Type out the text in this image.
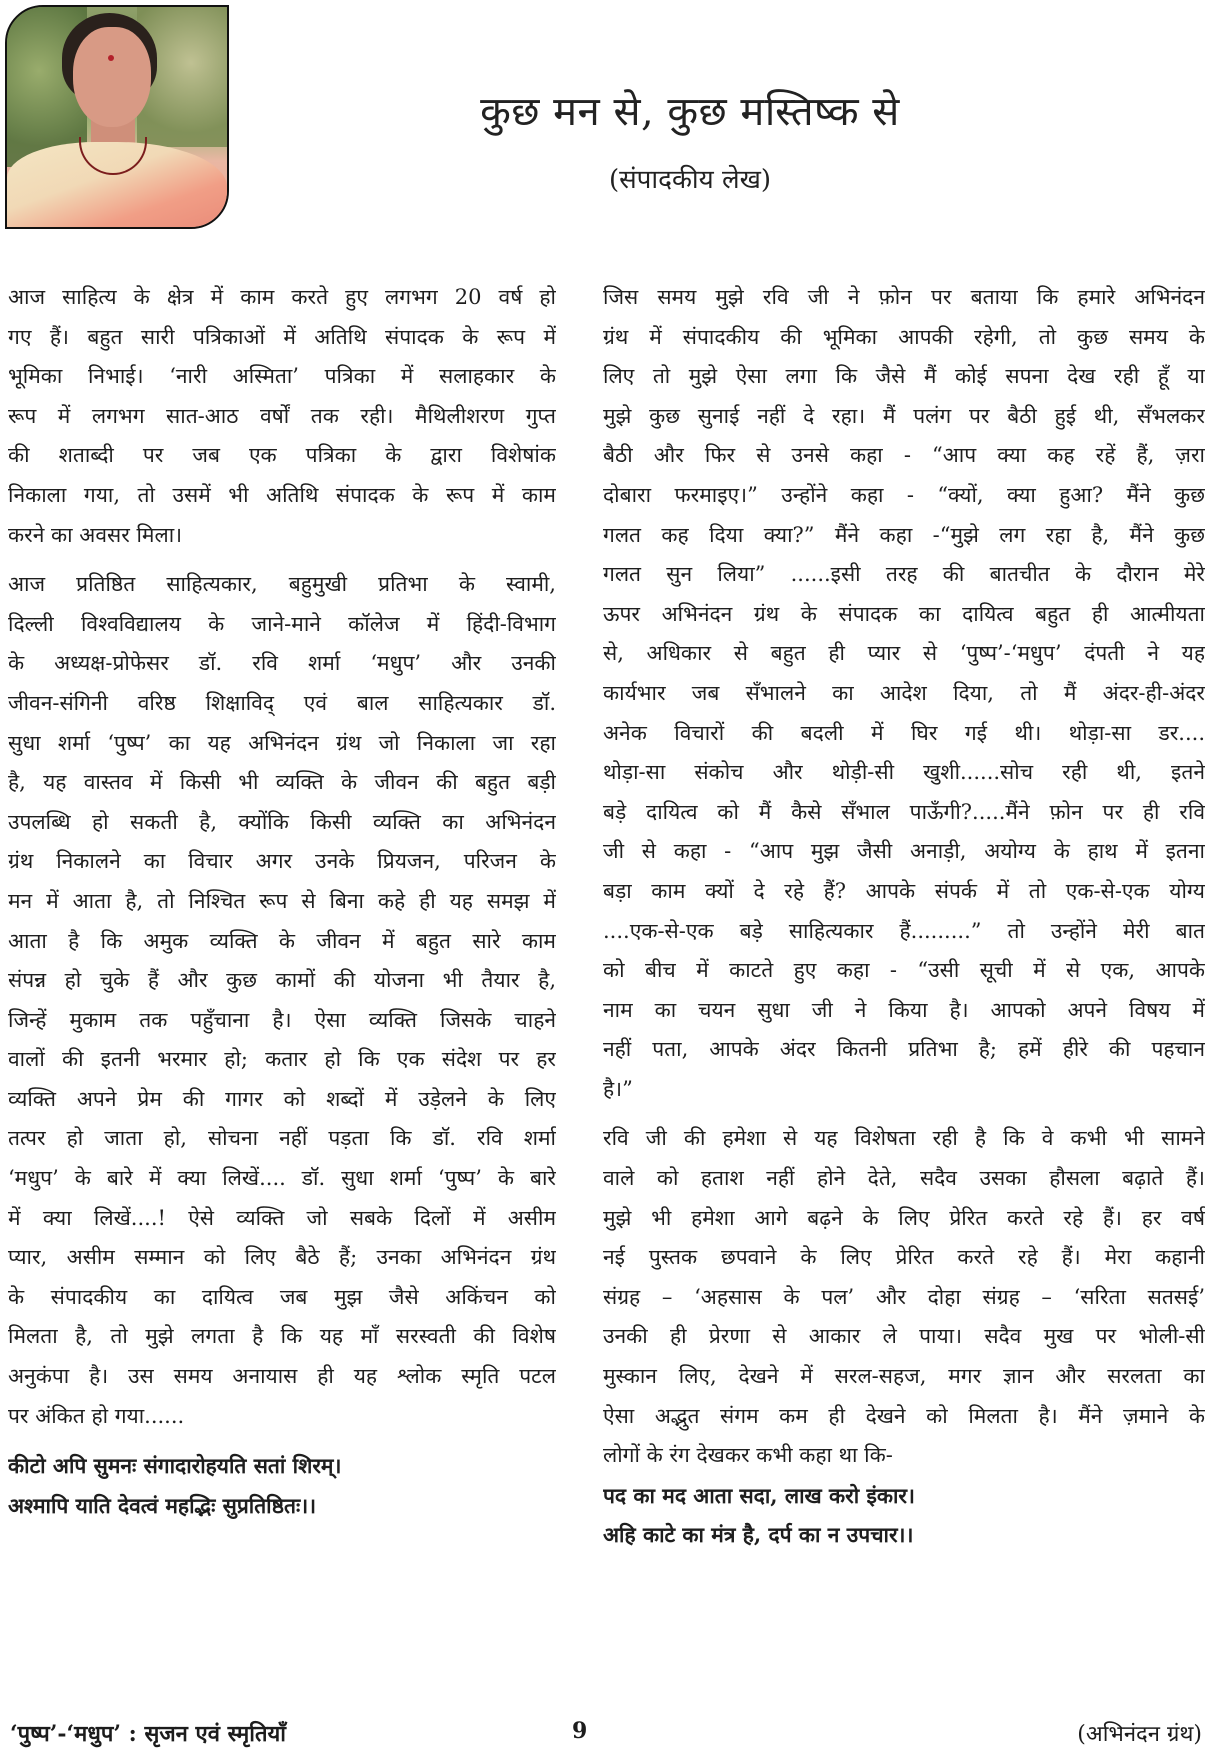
कुछ मन से, कुछ मस्तिष्क से
(संपादकीय लेख)
आज साहित्य के क्षेत्र में काम करते हुए लगभग 20 वर्ष हो
गए हैं। बहुत सारी पत्रिकाओं में अतिथि संपादक के रूप में
भूमिका निभाई। ‘नारी अस्मिता’ पत्रिका में सलाहकार के
रूप में लगभग सात-आठ वर्षों तक रही। मैथिलीशरण गुप्त
की शताब्दी पर जब एक पत्रिका के द्वारा विशेषांक
निकाला गया, तो उसमें भी अतिथि संपादक के रूप में काम
करने का अवसर मिला।
आज प्रतिष्ठित साहित्यकार, बहुमुखी प्रतिभा के स्वामी,
दिल्ली विश्वविद्यालय के जाने-माने कॉलेज में हिंदी-विभाग
के अध्यक्ष-प्रोफेसर डॉ. रवि शर्मा ‘मधुप’ और उनकी
जीवन-संगिनी वरिष्ठ शिक्षाविद् एवं बाल साहित्यकार डॉ.
सुधा शर्मा ‘पुष्प’ का यह अभिनंदन ग्रंथ जो निकाला जा रहा
है, यह वास्तव में किसी भी व्यक्ति के जीवन की बहुत बड़ी
उपलब्धि हो सकती है, क्योंकि किसी व्यक्ति का अभिनंदन
ग्रंथ निकालने का विचार अगर उनके प्रियजन, परिजन के
मन में आता है, तो निश्चित रूप से बिना कहे ही यह समझ में
आता है कि अमुक व्यक्ति के जीवन में बहुत सारे काम
संपन्न हो चुके हैं और कुछ कामों की योजना भी तैयार है,
जिन्हें मुकाम तक पहुँचाना है। ऐसा व्यक्ति जिसके चाहने
वालों की इतनी भरमार हो; कतार हो कि एक संदेश पर हर
व्यक्ति अपने प्रेम की गागर को शब्दों में उड़ेलने के लिए
तत्पर हो जाता हो, सोचना नहीं पड़ता कि डॉ. रवि शर्मा
‘मधुप’ के बारे में क्या लिखें.... डॉ. सुधा शर्मा ‘पुष्प’ के बारे
में क्या लिखें....! ऐसे व्यक्ति जो सबके दिलों में असीम
प्यार, असीम सम्मान को लिए बैठे हैं; उनका अभिनंदन ग्रंथ
के संपादकीय का दायित्व जब मुझ जैसे अकिंचन को
मिलता है, तो मुझे लगता है कि यह माँ सरस्वती की विशेष
अनुकंपा है। उस समय अनायास ही यह श्लोक स्मृति पटल
पर अंकित हो गया......
कीटो अपि सुमनः संगादारोहयति सतां शिरम्।
अश्मापि याति देवत्वं महद्भिः सुप्रतिष्ठितः।।
जिस समय मुझे रवि जी ने फ़ोन पर बताया कि हमारे अभिनंदन
ग्रंथ में संपादकीय की भूमिका आपकी रहेगी, तो कुछ समय के
लिए तो मुझे ऐसा लगा कि जैसे मैं कोई सपना देख रही हूँ या
मुझे कुछ सुनाई नहीं दे रहा। मैं पलंग पर बैठी हुई थी, सँभलकर
बैठी और फिर से उनसे कहा - “आप क्या कह रहें हैं, ज़रा
दोबारा फरमाइए।” उन्होंने कहा - “क्यों, क्या हुआ? मैंने कुछ
गलत कह दिया क्या?” मैंने कहा -“मुझे लग रहा है, मैंने कुछ
गलत सुन लिया” ......इसी तरह की बातचीत के दौरान मेरे
ऊपर अभिनंदन ग्रंथ के संपादक का दायित्व बहुत ही आत्मीयता
से, अधिकार से बहुत ही प्यार से ‘पुष्प’-‘मधुप’ दंपती ने यह
कार्यभार जब सँभालने का आदेश दिया, तो मैं अंदर-ही-अंदर
अनेक विचारों की बदली में घिर गई थी। थोड़ा-सा डर....
थोड़ा-सा संकोच और थोड़ी-सी खुशी......सोच रही थी, इतने
बड़े दायित्व को मैं कैसे सँभाल पाऊँगी?.....मैंने फ़ोन पर ही रवि
जी से कहा - “आप मुझ जैसी अनाड़ी, अयोग्य के हाथ में इतना
बड़ा काम क्यों दे रहे हैं? आपके संपर्क में तो एक-से-एक योग्य
....एक-से-एक बड़े साहित्यकार हैं.........” तो उन्होंने मेरी बात
को बीच में काटते हुए कहा - “उसी सूची में से एक, आपके
नाम का चयन सुधा जी ने किया है। आपको अपने विषय में
नहीं पता, आपके अंदर कितनी प्रतिभा है; हमें हीरे की पहचान
है।”
रवि जी की हमेशा से यह विशेषता रही है कि वे कभी भी सामने
वाले को हताश नहीं होने देते, सदैव उसका हौसला बढ़ाते हैं।
मुझे भी हमेशा आगे बढ़ने के लिए प्रेरित करते रहे हैं। हर वर्ष
नई पुस्तक छपवाने के लिए प्रेरित करते रहे हैं। मेरा कहानी
संग्रह – ‘अहसास के पल’ और दोहा संग्रह – ‘सरिता सतसई’
उनकी ही प्रेरणा से आकार ले पाया। सदैव मुख पर भोली-सी
मुस्कान लिए, देखने में सरल-सहज, मगर ज्ञान और सरलता का
ऐसा अद्भुत संगम कम ही देखने को मिलता है। मैंने ज़माने के
लोगों के रंग देखकर कभी कहा था कि-
पद का मद आता सदा, लाख करो इंकार।
अहि काटे का मंत्र है, दर्प का न उपचार।।
‘पुष्प’-‘मधुप’ : सृजन एवं स्मृतियाँ	9	(अभिनंदन ग्रंथ)
